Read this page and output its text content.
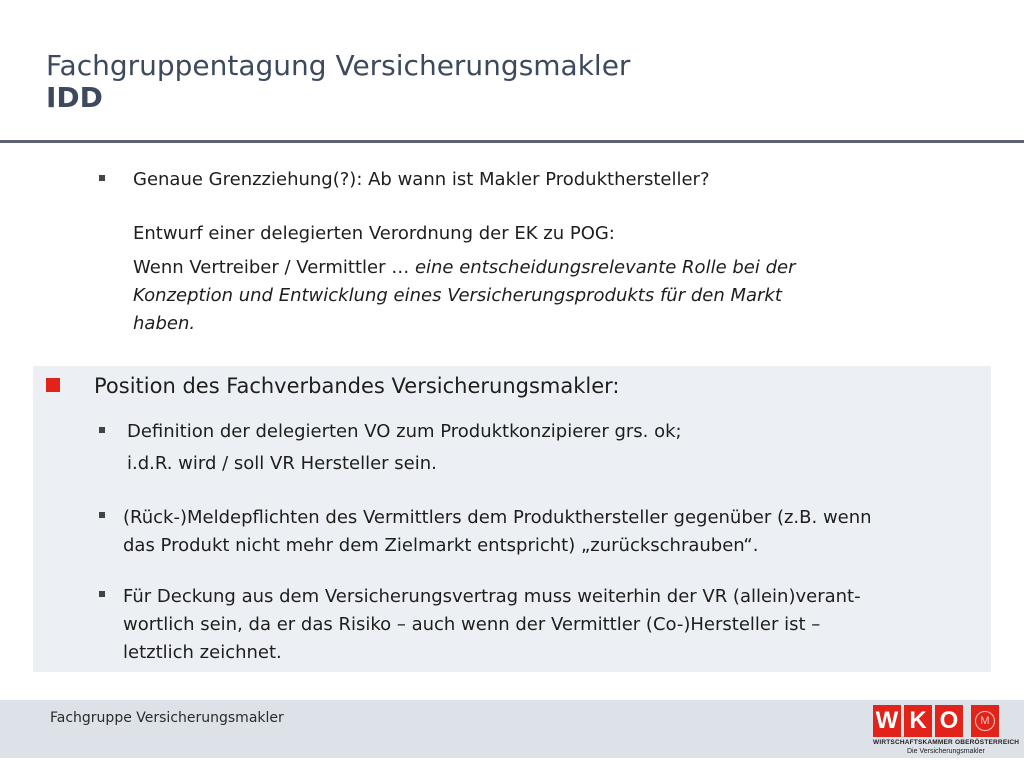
Fachgruppentagung Versicherungsmakler
IDD
Genaue Grenzziehung(?): Ab wann ist Makler Produkthersteller?
Entwurf einer delegierten Verordnung der EK zu POG:
Wenn Vertreiber / Vermittler … eine entscheidungsrelevante Rolle bei der
Konzeption und Entwicklung eines Versicherungsprodukts für den Markt
haben.
Position des Fachverbandes Versicherungsmakler:
Definition der delegierten VO zum Produktkonzipierer grs. ok;
i.d.R. wird / soll VR Hersteller sein.
(Rück-)Meldepflichten des Vermittlers dem Produkthersteller gegenüber (z.B. wenn
das Produkt nicht mehr dem Zielmarkt entspricht) „zurückschrauben“.
Für Deckung aus dem Versicherungsvertrag muss weiterhin der VR (allein)verant-
wortlich sein, da er das Risiko – auch wenn der Vermittler (Co-)Hersteller ist –
letztlich zeichnet.
Fachgruppe Versicherungsmakler	W K O	M
WIRTSCHAFTSKAMMER OBERÖSTERREICH
Die Versicherungsmakler
